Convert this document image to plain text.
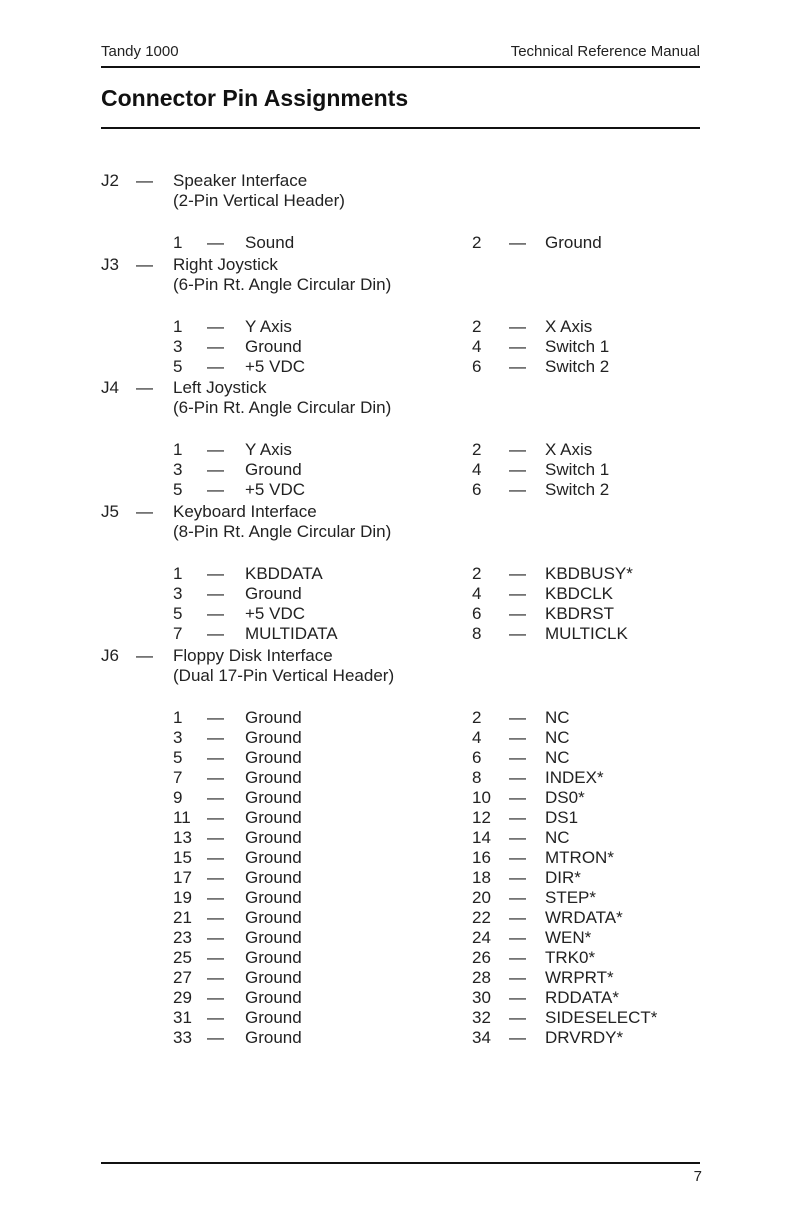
Tandy 1000	Technical Reference Manual
Connector Pin Assignments
J2 — Speaker Interface
(2-Pin Vertical Header)
1 — Sound	2 — Ground
J3 — Right Joystick
(6-Pin Rt. Angle Circular Din)
1 — Y Axis
3 — Ground
5 — +5 VDC
2 — X Axis
4 — Switch 1
6 — Switch 2
J4 — Left Joystick
(6-Pin Rt. Angle Circular Din)
1 — Y Axis
3 — Ground
5 — +5 VDC
2 — X Axis
4 — Switch 1
6 — Switch 2
J5 — Keyboard Interface
(8-Pin Rt. Angle Circular Din)
1 — KBDDATA
3 — Ground
5 — +5 VDC
7 — MULTIDATA
2 — KBDBUSY*
4 — KBDCLK
6 — KBDRST
8 — MULTICLK
J6 — Floppy Disk Interface
(Dual 17-Pin Vertical Header)
1 — Ground
3 — Ground
5 — Ground
7 — Ground
9 — Ground
11 — Ground
13 — Ground
15 — Ground
17 — Ground
19 — Ground
21 — Ground
23 — Ground
25 — Ground
27 — Ground
29 — Ground
31 — Ground
33 — Ground
2 — NC
4 — NC
6 — NC
8 — INDEX*
10 — DS0*
12 — DS1
14 — NC
16 — MTRON*
18 — DIR*
20 — STEP*
22 — WRDATA*
24 — WEN*
26 — TRK0*
28 — WRPRT*
30 — RDDATA*
32 — SIDESELECT*
34 — DRVRDY*
7
